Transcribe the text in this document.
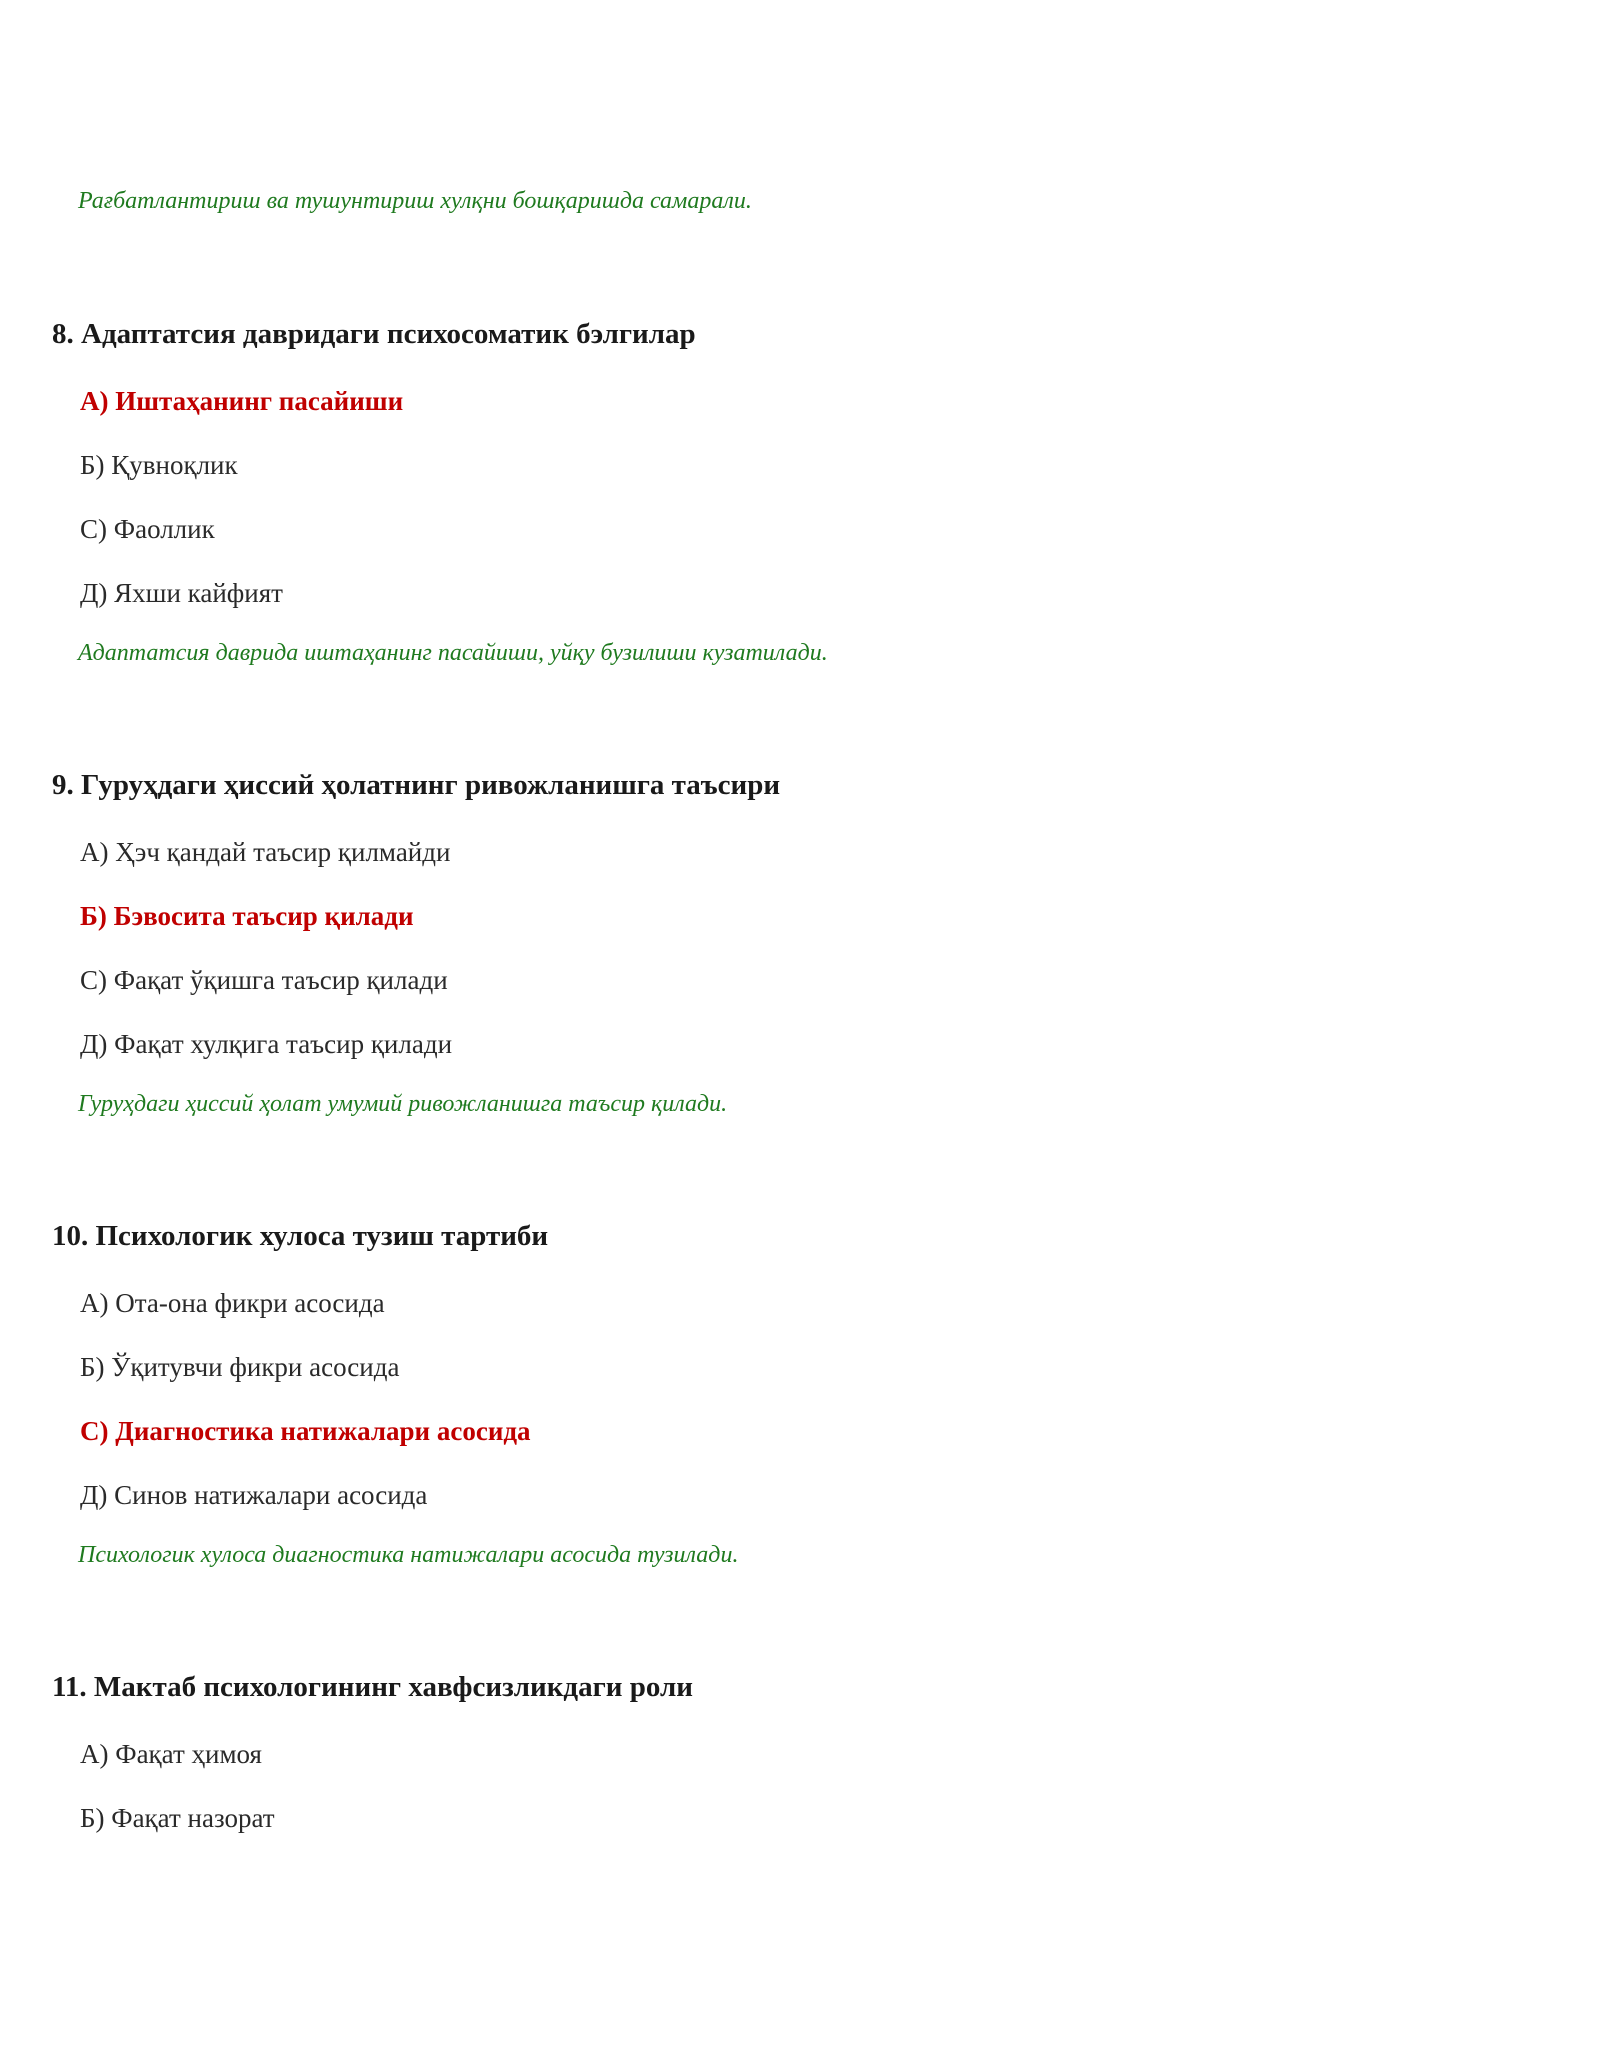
Рағбатлантириш ва тушунтириш хулқни бошқаришда самарали.
8. Адаптатсия давридаги психосоматик бэлгилар
А) Иштаҳанинг пасайиши
Б) Қувноқлик
С) Фаоллик
Д) Яхши кайфият
Адаптатсия даврида иштаҳанинг пасайиши, уйқу бузилиши кузатилади.
9. Гуруҳдаги ҳиссий ҳолатнинг ривожланишга таъсири
А) Ҳэч қандай таъсир қилмайди
Б) Бэвосита таъсир қилади
С) Фақат ўқишга таъсир қилади
Д) Фақат хулқига таъсир қилади
Гуруҳдаги ҳиссий ҳолат умумий ривожланишга таъсир қилади.
10. Психологик хулоса тузиш тартиби
А) Ота-она фикри асосида
Б) Ўқитувчи фикри асосида
С) Диагностика натижалари асосида
Д) Синов натижалари асосида
Психологик хулоса диагностика натижалари асосида тузилади.
11. Мактаб психологининг хавфсизликдаги роли
А) Фақат ҳимоя
Б) Фақат назорат
